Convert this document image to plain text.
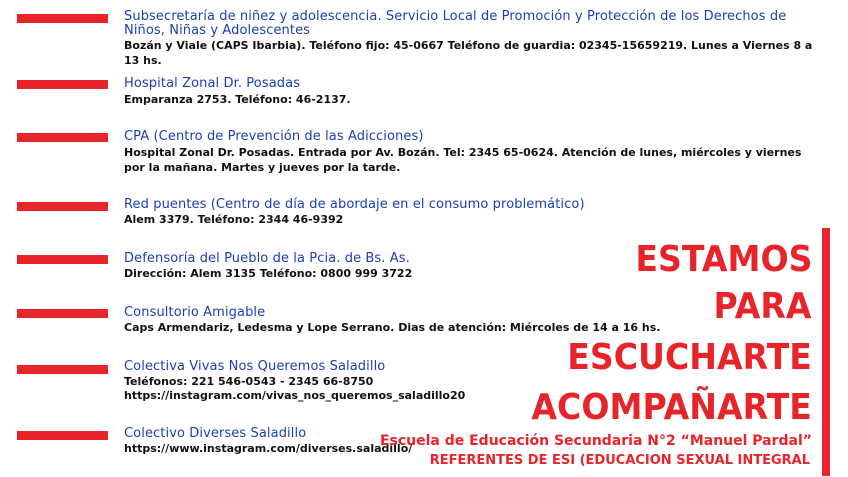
Subsecretaría de niñez y adolescencia. Servicio Local de Promoción y Protección de los Derechos de Niños, Niñas y Adolescentes
Bozán y Viale (CAPS Ibarbia). Teléfono fijo: 45-0667 Teléfono de guardia: 02345-15659219. Lunes a Viernes 8 a 13 hs.
Hospital Zonal Dr. Posadas
Emparanza 2753. Teléfono: 46-2137.
CPA (Centro de Prevención de las Adicciones)
Hospital Zonal Dr. Posadas. Entrada por Av. Bozán. Tel: 2345 65-0624. Atención de lunes, miércoles y viernes por la mañana. Martes y jueves por la tarde.
Red puentes (Centro de día de abordaje en el consumo problemático)
Alem 3379. Teléfono: 2344 46-9392
Defensoría del Pueblo de la Pcia. de Bs. As.
Dirección: Alem 3135 Teléfono: 0800 999 3722
Consultorio Amigable
Caps Armendariz, Ledesma y Lope Serrano. Dias de atención: Miércoles de 14 a 16 hs.
Colectiva Vivas Nos Queremos Saladillo
Teléfonos: 221 546-0543 - 2345 66-8750
https://instagram.com/vivas_nos_queremos_saladillo20
Colectivo Diverses Saladillo
https://www.instagram.com/diverses.saladillo/
ESTAMOS
PARA
ESCUCHARTE
ACOMPAÑARTE
Escuela de Educación Secundaria N°2 “Manuel Pardal”
REFERENTES DE ESI (EDUCACION SEXUAL INTEGRAL
